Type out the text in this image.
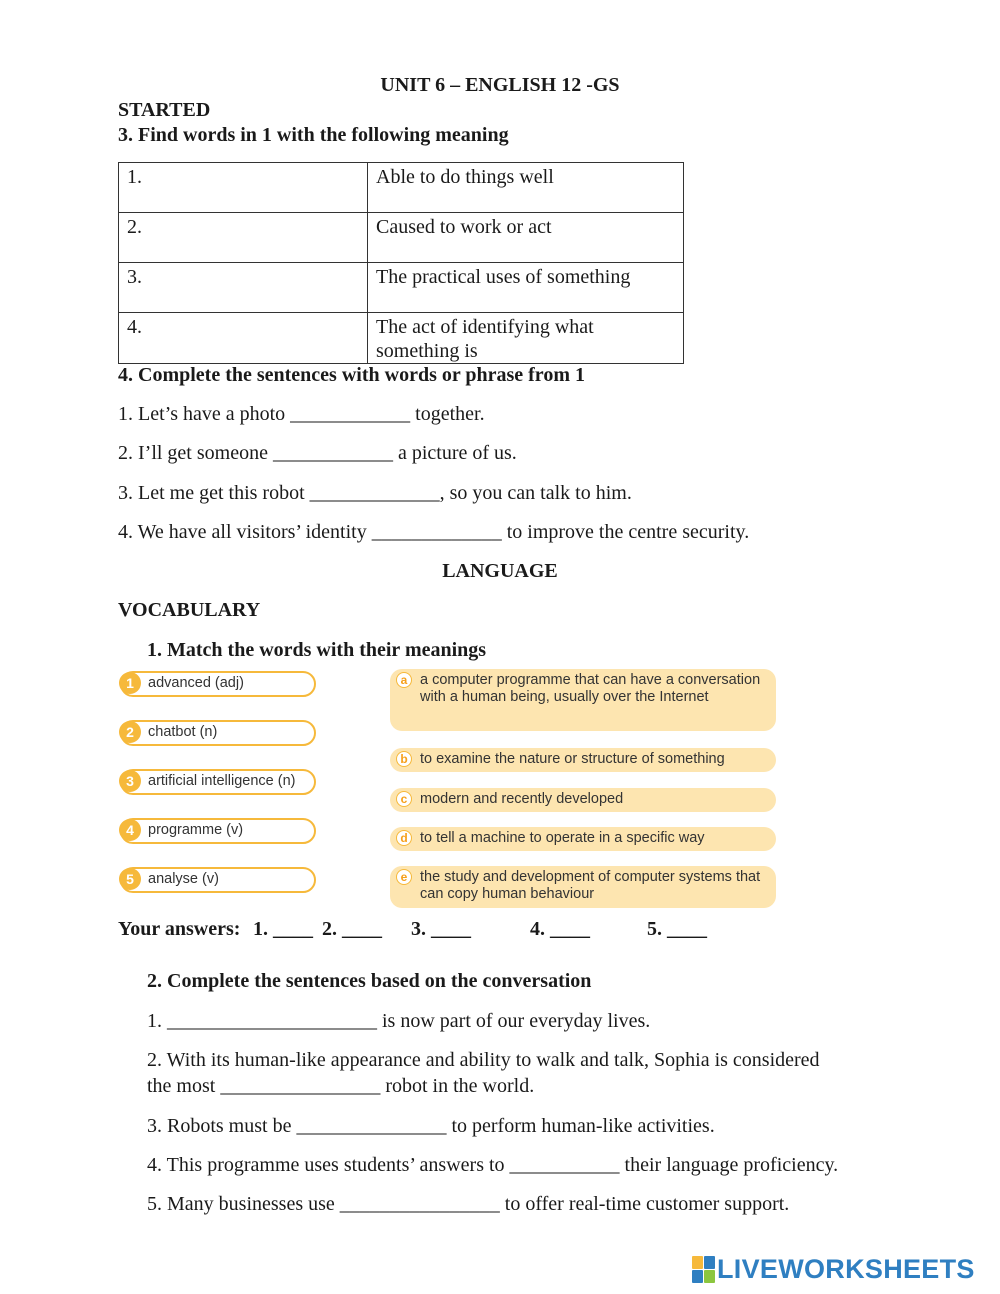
UNIT 6 – ENGLISH 12 -GS
STARTED
3. Find words in 1 with the following meaning
1.	Able to do things well
2.	Caused to work or act
3.	The practical uses of something
4.	The act of identifying what something is
4. Complete the sentences with words or phrase from 1
1. Let’s have a photo ____________ together.
2. I’ll get someone ____________ a picture of us.
3. Let me get this robot _____________, so you can talk to him.
4. We have all visitors’ identity _____________ to improve the centre security.
LANGUAGE
VOCABULARY
1. Match the words with their meanings
1 advanced (adj)
2 chatbot (n)
3 artificial intelligence (n)
4 programme (v)
5 analyse (v)
a a computer programme that can have a conversation with a human being, usually over the Internet
b to examine the nature or structure of something
c modern and recently developed
d to tell a machine to operate in a specific way
e the study and development of computer systems that can copy human behaviour
Your answers: 1. ____ 2. ____ 3. ____	4. ____	5. ____
2. Complete the sentences based on the conversation
1. _____________________ is now part of our everyday lives.
2. With its human-like appearance and ability to walk and talk, Sophia is considered
the most ________________ robot in the world.
3. Robots must be _______________ to perform human-like activities.
4. This programme uses students’ answers to ___________ their language proficiency.
5. Many businesses use ________________ to offer real-time customer support.
LIVEWORKSHEETS
